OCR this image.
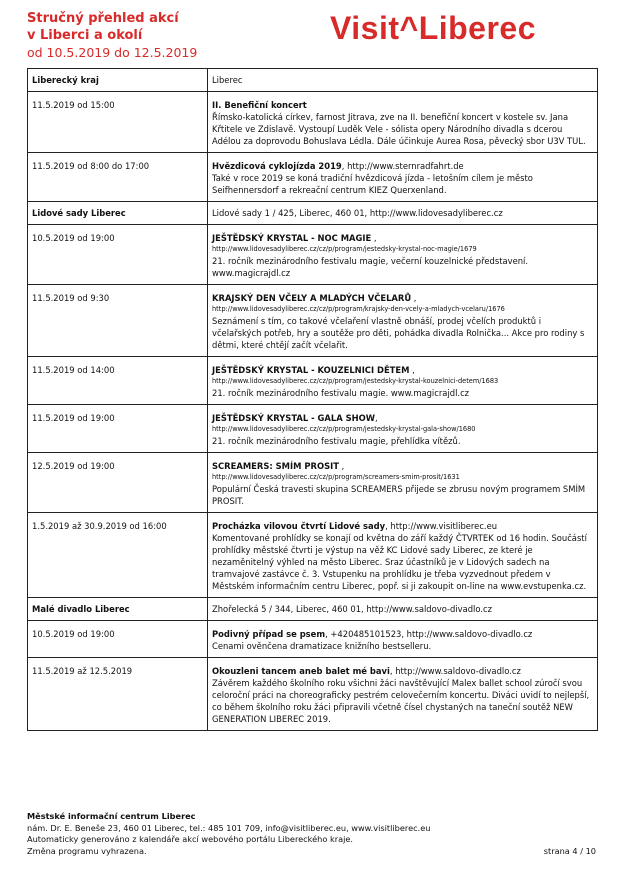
Stručný přehled akcí
v Liberci a okolí
od 10.5.2019 do 12.5.2019
Visit^Liberec
Liberecký kraj	Liberec

11.5.2019 od 15:00	II. Benefiční koncert
Římsko-katolická církev, farnost Jitrava, zve na II. benefiční koncert v kostele sv. Jana Křtitele ve Zdislavě. Vystoupí Luděk Vele - sólista opery Národního divadla s dcerou Adélou za doprovodu Bohuslava Lédla. Dále účinkuje Aurea Rosa, pěvecký sbor U3V TUL.

11.5.2019 od 8:00 do 17:00	Hvězdicová cyklojízda 2019, http://www.sternradfahrt.de
Také v roce 2019 se koná tradiční hvězdicová jízda - letošním cílem je město Seifhennersdorf a rekreační centrum KIEZ Querxenland.

Lidové sady Liberec	Lidové sady 1 / 425, Liberec, 460 01, http://www.lidovesadyliberec.cz

10.5.2019 od 19:00	JEŠTĚDSKÝ KRYSTAL - NOC MAGIE ,
http://www.lidovesadyliberec.cz/cz/p/program/jestedsky-krystal-noc-magie/1679
21. ročník mezinárodního festivalu magie, večerní kouzelnické představení. www.magicrajdl.cz

11.5.2019 od 9:30	KRAJSKÝ DEN VČELY A MLADÝCH VČELARŮ ,
http://www.lidovesadyliberec.cz/cz/p/program/krajsky-den-vcely-a-mladych-vcelaru/1676
Seznámení s tím, co takové včelaření vlastně obnáší, prodej včelích produktů i včelařských potřeb, hry a soutěže pro děti, pohádka divadla Rolnička... Akce pro rodiny s dětmi, které chtějí začít včelařit.

11.5.2019 od 14:00	JEŠTĚDSKÝ KRYSTAL - KOUZELNICI DĚTEM ,
http://www.lidovesadyliberec.cz/cz/p/program/jestedsky-krystal-kouzelnici-detem/1683
21. ročník mezinárodního festivalu magie. www.magicrajdl.cz

11.5.2019 od 19:00	JEŠTĚDSKÝ KRYSTAL - GALA SHOW,
http://www.lidovesadyliberec.cz/cz/p/program/jestedsky-krystal-gala-show/1680
21. ročník mezinárodního festivalu magie, přehlídka vítězů.

12.5.2019 od 19:00	SCREAMERS: SMÍM PROSIT ,
http://www.lidovesadyliberec.cz/cz/p/program/screamers-smim-prosit/1631
Populární Česká travesti skupina SCREAMERS přijede se zbrusu novým programem SMÍM PROSIT.

1.5.2019 až 30.9.2019 od 16:00	Procházka vilovou čtvrtí Lidové sady, http://www.visitliberec.eu
Komentované prohlídky se konají od května do září každý ČTVRTEK od 16 hodin. Součástí prohlídky městské čtvrti je výstup na věž KC Lidové sady Liberec, ze které je nezaměnitelný výhled na město Liberec. Sraz účastníků je v Lidových sadech na tramvajové zastávce č. 3. Vstupenku na prohlídku je třeba vyzvednout předem v Městském informačním centru Liberec, popř. si ji zakoupit on-line na www.evstupenka.cz.

Malé divadlo Liberec	Zhořelecká 5 / 344, Liberec, 460 01, http://www.saldovo-divadlo.cz

10.5.2019 od 19:00	Podivný případ se psem, +420485101523, http://www.saldovo-divadlo.cz
Cenami ověnčena dramatizace knižního bestselleru.

11.5.2019 až 12.5.2019	Okouzleni tancem aneb balet mé bavi, http://www.saldovo-divadlo.cz
Závěrem každého školního roku všichni žáci navštěvující Malex ballet school zúročí svou celoroční práci na choreograficky pestrém celovečerním koncertu. Diváci uvidí to nejlepší, co během školního roku žáci připravili včetně čísel chystaných na taneční soutěž NEW GENERATION LIBEREC 2019.
Městské informační centrum Liberec
nám. Dr. E. Beneše 23, 460 01 Liberec, tel.: 485 101 709, info@visitliberec.eu, www.visitliberec.eu
Automaticky generováno z kalendáře akcí webového portálu Libereckého kraje.
Změna programu vyhrazena.	strana 4 / 10
